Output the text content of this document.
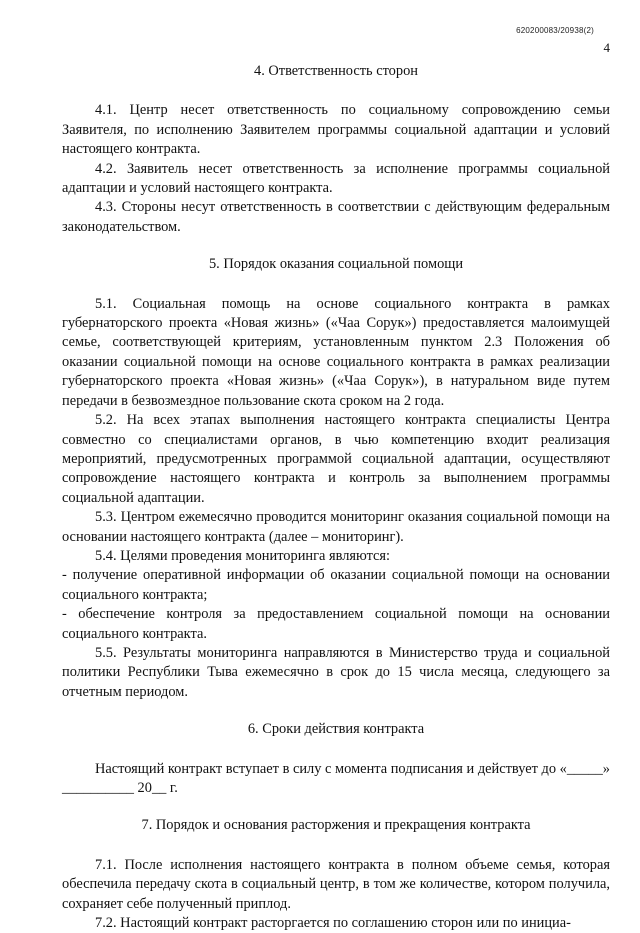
620200083/20938(2)
4
4. Ответственность сторон

4.1. Центр несет ответственность по социальному сопровождению семьи Заявителя, по исполнению Заявителем программы социальной адаптации и условий настоящего контракта.

4.2. Заявитель несет ответственность за исполнение программы социальной адаптации и условий настоящего контракта.

4.3. Стороны несут ответственность в соответствии с действующим федеральным законодательством.

5. Порядок оказания социальной помощи

5.1. Социальная помощь на основе социального контракта в рамках губернаторского проекта «Новая жизнь» («Чаа Сорук») предоставляется малоимущей семье, соответствующей критериям, установленным пунктом 2.3 Положения об оказании социальной помощи на основе социального контракта в рамках реализации губернаторского проекта «Новая жизнь» («Чаа Сорук»), в натуральном виде путем передачи в безвозмездное пользование скота сроком на 2 года.

5.2. На всех этапах выполнения настоящего контракта специалисты Центра совместно со специалистами органов, в чью компетенцию входит реализация мероприятий, предусмотренных программой социальной адаптации, осуществляют сопровождение настоящего контракта и контроль за выполнением программы социальной адаптации.

5.3. Центром ежемесячно проводится мониторинг оказания социальной помощи на основании настоящего контракта (далее – мониторинг).

5.4. Целями проведения мониторинга являются:

- получение оперативной информации об оказании социальной помощи на основании социального контракта;

- обеспечение контроля за предоставлением социальной помощи на основании социального контракта.

5.5. Результаты мониторинга направляются в Министерство труда и социальной политики Республики Тыва ежемесячно в срок до 15 числа месяца, следующего за отчетным периодом.

6. Сроки действия контракта

Настоящий контракт вступает в силу с момента подписания и действует до «_____» __________ 20__ г.

7. Порядок и основания расторжения и прекращения контракта

7.1. После исполнения настоящего контракта в полном объеме семья, которая обеспечила передачу скота в социальный центр, в том же количестве, котором получила, сохраняет себе полученный приплод.

7.2. Настоящий контракт расторгается по соглашению сторон или по инициа-
